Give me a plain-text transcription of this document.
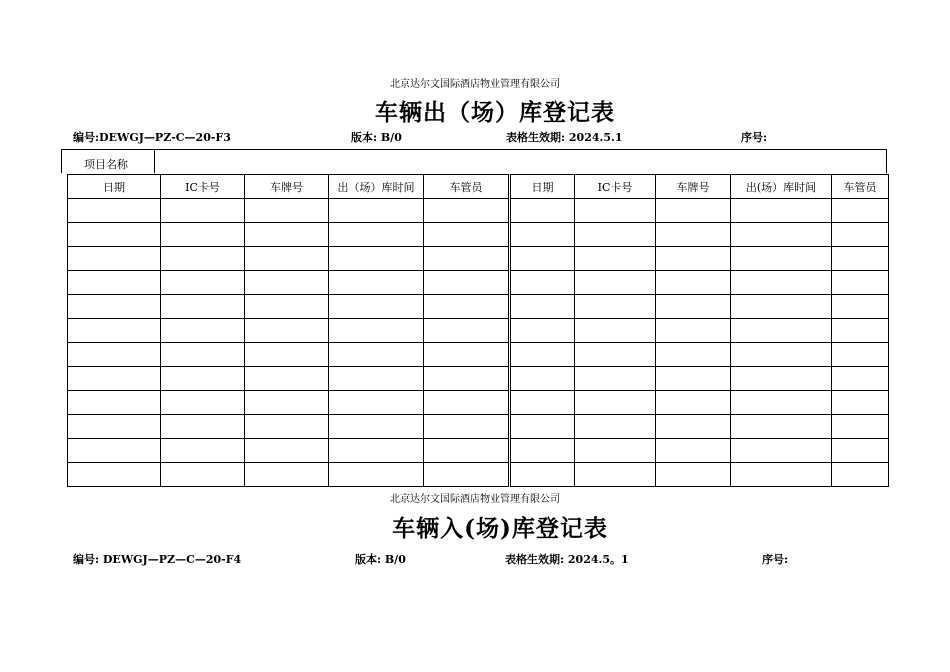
北京达尔文国际酒店物业管理有限公司
车辆出（场）库登记表
编号:DEWGJ—PZ-C—20-F3	版本: B/0	表格生效期: 2024.5.1	序号:
项目名称
日期	IC卡号	车牌号	出（场）库时间	车管员	日期	IC卡号	车牌号	出(场）库时间	车管员

北京达尔文国际酒店物业管理有限公司
车辆入(场)库登记表
编号: DEWGJ—PZ—C—20-F4	版本: B/0	表格生效期: 2024.5。1	序号:
